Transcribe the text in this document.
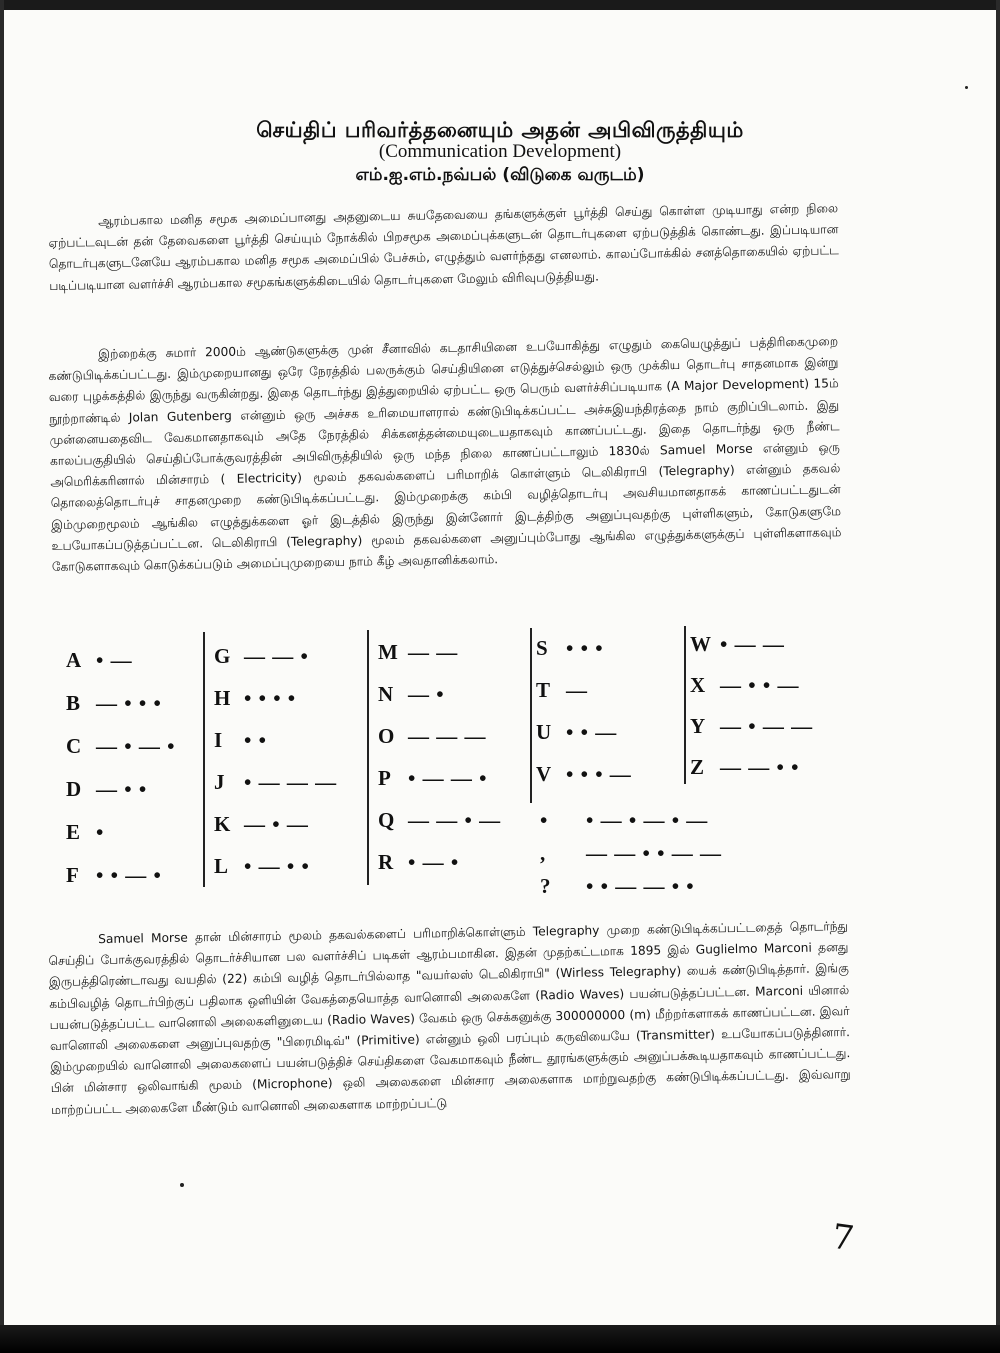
செய்திப் பரிவர்த்தனையும் அதன் அபிவிருத்தியும்
(Communication Development)
எம்.ஐ.எம்.நவ்பல் (விடுகை வருடம்)
ஆரம்பகால மனித சமூக அமைப்பானது அதனுடைய சுயதேவையை தங்களுக்குள் பூர்த்தி செய்து கொள்ள முடியாது என்ற நிலை ஏற்பட்டவுடன் தன் தேவைகளை பூர்த்தி செய்யும் நோக்கில் பிறசமூக அமைப்புக்களுடன் தொடர்புகளை ஏற்படுத்திக் கொண்டது. இப்படியான தொடர்புகளுடனேயே ஆரம்பகால மனித சமூக அமைப்பில் பேச்சும், எழுத்தும் வளர்ந்தது எனலாம். காலப்போக்கில் சனத்தொகையில் ஏற்பட்ட படிப்படியான வளர்ச்சி ஆரம்பகால சமூகங்களுக்கிடையில் தொடர்புகளை மேலும் விரிவுபடுத்தியது.
இற்றைக்கு சுமார் 2000ம் ஆண்டுகளுக்கு முன் சீனாவில் கடதாசியினை உபயோகித்து எழுதும் கையெழுத்துப் பத்திரிகைமுறை கண்டுபிடிக்கப்பட்டது. இம்முறையானது ஒரே நேரத்தில் பலருக்கும் செய்தியினை எடுத்துச்செல்லும் ஒரு முக்கிய தொடர்பு சாதனமாக இன்று வரை புழக்கத்தில் இருந்து வருகின்றது. இதை தொடர்ந்து இத்துறையில் ஏற்பட்ட ஒரு பெரும் வளர்ச்சிப்படியாக (A Major Development) 15ம் நூற்றாண்டில் Jolan Gutenberg என்னும் ஒரு அச்சக உரிமையாளரால் கண்டுபிடிக்கப்பட்ட அச்சுஇயந்திரத்தை நாம் குறிப்பிடலாம். இது முன்னையதைவிட வேகமானதாகவும் அதே நேரத்தில் சிக்கனத்தன்மையுடையதாகவும் காணப்பட்டது. இதை தொடர்ந்து ஒரு நீண்ட காலப்பகுதியில் செய்திப்போக்குவரத்தின் அபிவிருத்தியில் ஒரு மந்த நிலை காணப்பட்டாலும் 1830ல் Samuel Morse என்னும் ஒரு அமெரிக்கரினால் மின்சாரம் ( Electricity) மூலம் தகவல்களைப் பரிமாறிக் கொள்ளும் டெலிகிராபி (Telegraphy) என்னும் தகவல் தொலைத்தொடர்புச் சாதனமுறை கண்டுபிடிக்கப்பட்டது. இம்முறைக்கு கம்பி வழித்தொடர்பு அவசியமானதாகக் காணப்பட்டதுடன் இம்முறைமூலம் ஆங்கில எழுத்துக்களை ஓர் இடத்தில் இருந்து இன்னோர் இடத்திற்கு அனுப்புவதற்கு புள்ளிகளும், கோடுகளுமே உபயோகப்படுத்தப்பட்டன. டெலிகிராபி (Telegraphy) மூலம் தகவல்களை அனுப்பும்போது ஆங்கில எழுத்துக்களுக்குப் புள்ளிகளாகவும் கோடுகளாகவும் கொடுக்கப்படும் அமைப்புமுறையை நாம் கீழ் அவதானிக்கலாம்.
A • —
B — • • •
C — • — •
D — • •
E •
F • • — •
G — — •
H • • • •
I • •
J • — — —
K — • —
L • — • •
M — —
N — •
O — — —
P • — — •
Q — — • —
R • — •
S • • •
T —
U • • —
V • • • —
W • — —
X — • • —
Y — • — —
Z — — • •
• • — • — • —
, — — • • — —
? • • — — • •
Samuel Morse தான் மின்சாரம் மூலம் தகவல்களைப் பரிமாறிக்கொள்ளும் Telegraphy முறை கண்டுபிடிக்கப்பட்டதைத் தொடர்ந்து செய்திப் போக்குவரத்தில் தொடர்ச்சியான பல வளர்ச்சிப் படிகள் ஆரம்பமாகின. இதன் முதற்கட்டமாக 1895 இல் Guglielmo Marconi தனது இருபத்திரெண்டாவது வயதில் (22) கம்பி வழித் தொடர்பில்லாத "வயர்லஸ் டெலிகிராபி" (Wirless Telegraphy) யைக் கண்டுபிடித்தார். இங்கு கம்பிவழித் தொடர்பிற்குப் பதிலாக ஒளியின் வேகத்தையொத்த வானொலி அலைகளே (Radio Waves) பயன்படுத்தப்பட்டன. Marconi யினால் பயன்படுத்தப்பட்ட வானொலி அலைகளினுடைய (Radio Waves) வேகம் ஒரு செக்கனுக்கு 300000000 (m) மீற்றர்களாகக் காணப்பட்டன. இவர் வானொலி அலைகளை அனுப்புவதற்கு "பிரைமிடிவ்" (Primitive) என்னும் ஒலி பரப்பும் கருவியையே (Transmitter) உபயோகப்படுத்தினார். இம்முறையில் வானொலி அலைகளைப் பயன்படுத்திச் செய்திகளை வேகமாகவும் நீண்ட தூரங்களுக்கும் அனுப்பக்கூடியதாகவும் காணப்பட்டது. பின் மின்சார ஒலிவாங்கி மூலம் (Microphone) ஒலி அலைகளை மின்சார அலைகளாக மாற்றுவதற்கு கண்டுபிடிக்கப்பட்டது. இவ்வாறு மாற்றப்பட்ட அலைகளே மீண்டும் வானொலி அலைகளாக மாற்றப்பட்டு
7
